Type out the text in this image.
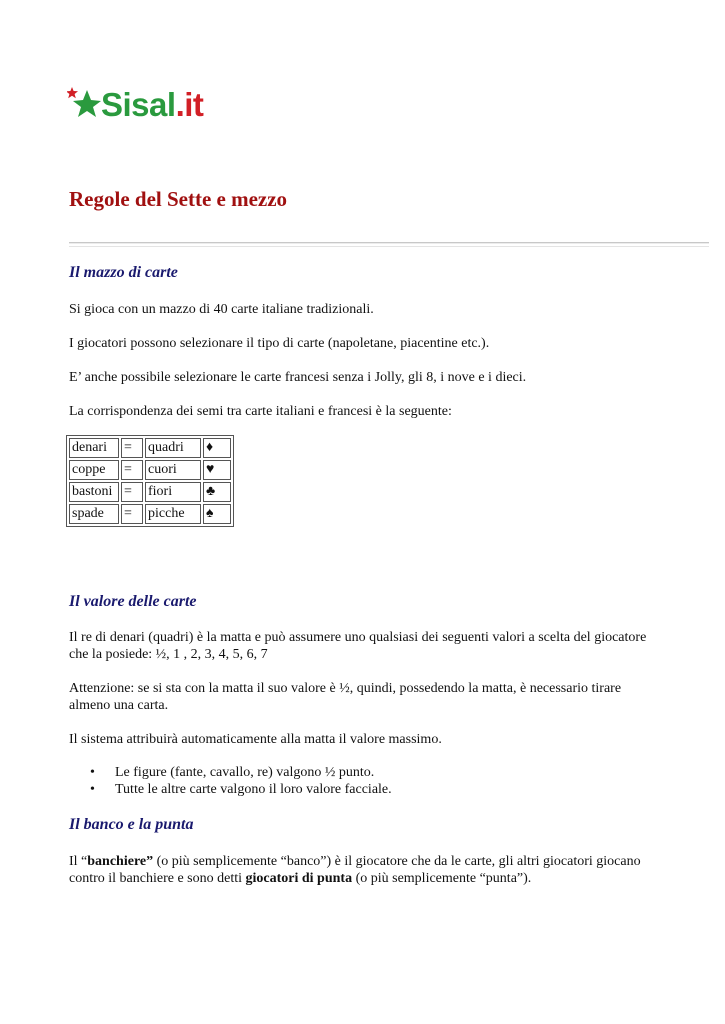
Sisal.it
Regole del Sette e mezzo
Il mazzo di carte

Si gioca con un mazzo di 40 carte italiane tradizionali.

I giocatori possono selezionare il tipo di carte (napoletane, piacentine etc.).

E’ anche possibile selezionare le carte francesi senza i Jolly, gli 8, i nove e i dieci.

La corrispondenza dei semi tra carte italiani e francesi è la seguente:

denari	=	quadri	♦
coppe	=	cuori	♥
bastoni	=	fiori	♣
spade	=	picche	♠
Il valore delle carte

Il re di denari (quadri) è la matta e può assumere uno qualsiasi dei seguenti valori a scelta del giocatore che la posiede: ½, 1 , 2, 3, 4, 5, 6, 7

Attenzione: se si sta con la matta il suo valore è ½, quindi, possedendo la matta, è necessario tirare almeno una carta.

Il sistema attribuirà automaticamente alla matta il valore massimo.

• Le figure (fante, cavallo, re) valgono ½ punto.
• Tutte le altre carte valgono il loro valore facciale.
Il banco e la punta

Il “banchiere” (o più semplicemente “banco”) è il giocatore che da le carte, gli altri giocatori giocano contro il banchiere e sono detti giocatori di punta (o più semplicemente “punta”).
